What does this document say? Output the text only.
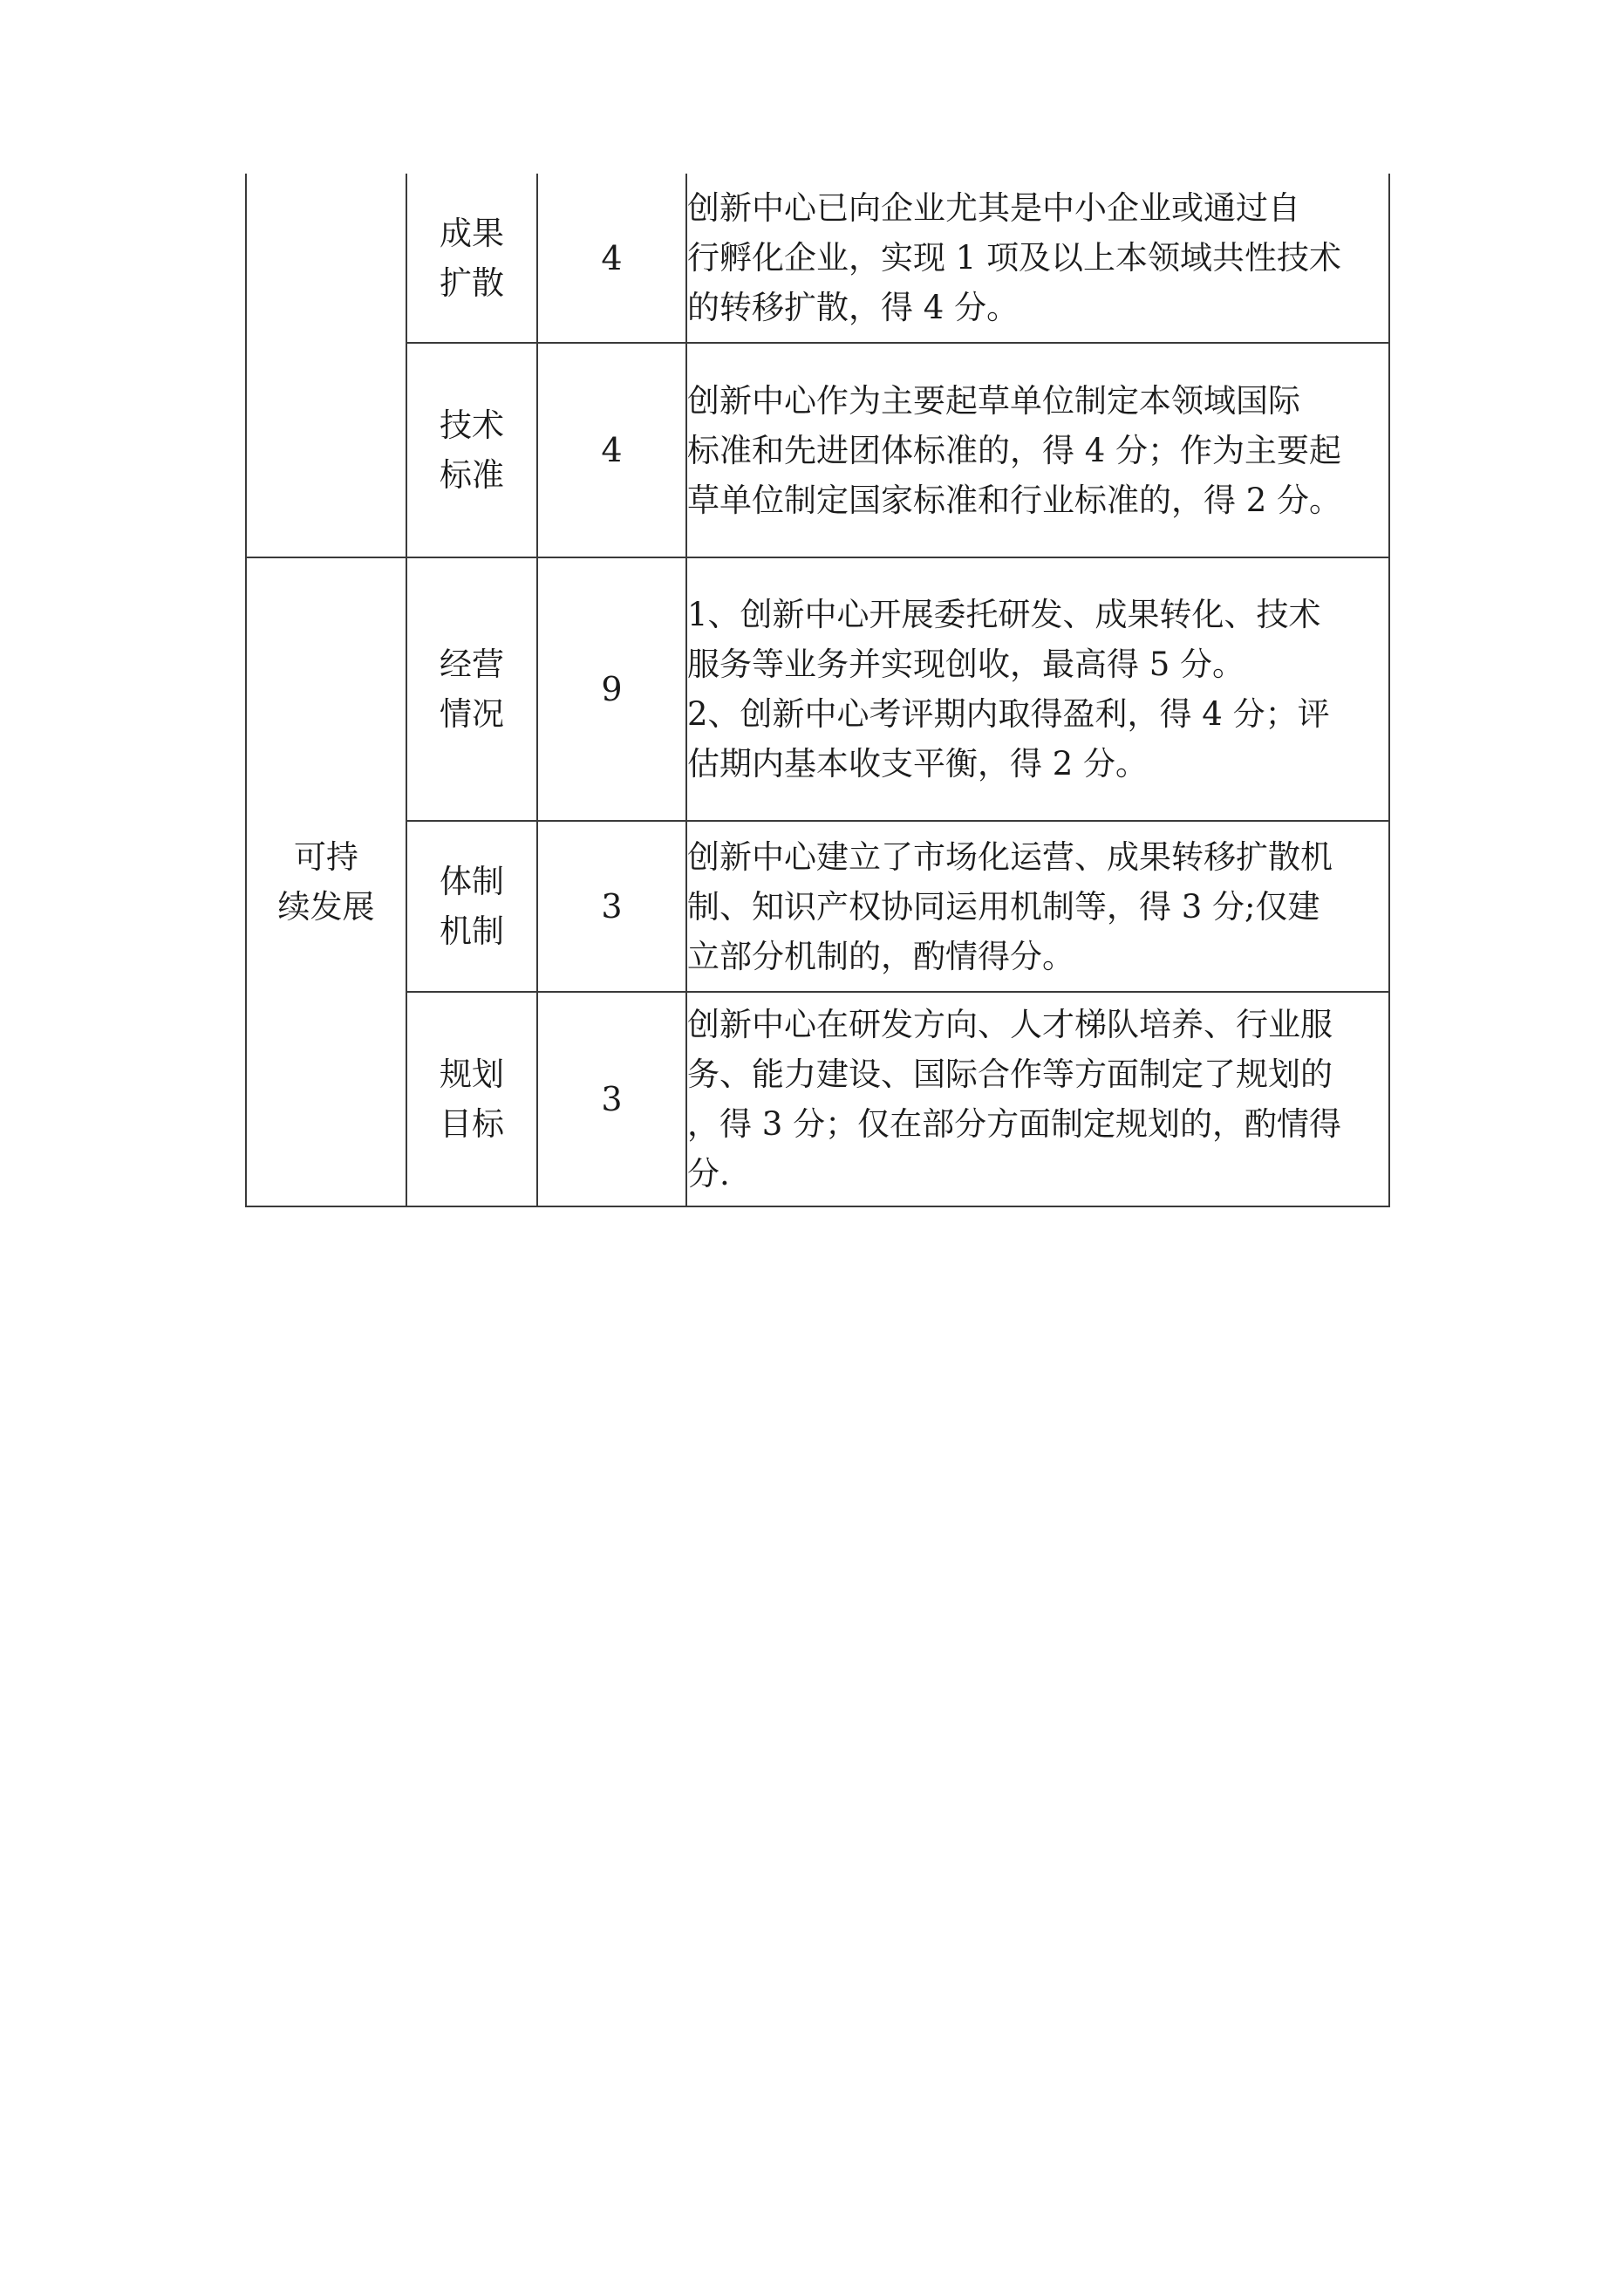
	成果
扩散	4	创新中心已向企业尤其是中小企业或通过自
行孵化企业，实现 1 项及以上本领域共性技术
的转移扩散，得 4 分。

	技术
标准	4	创新中心作为主要起草单位制定本领域国际
标准和先进团体标准的，得 4 分；作为主要起
草单位制定国家标准和行业标准的，得 2 分。

可持
续发展	经营
情况	9	1、创新中心开展委托研发、成果转化、技术
服务等业务并实现创收，最高得 5 分。
2、创新中心考评期内取得盈利，得 4 分；评
估期内基本收支平衡，得 2 分。

	体制
机制	3	创新中心建立了市场化运营、成果转移扩散机
制、知识产权协同运用机制等，得 3 分;仅建
立部分机制的，酌情得分。

	规划
目标	3	创新中心在研发方向、人才梯队培养、行业服
务、能力建设、国际合作等方面制定了规划的
，得 3 分；仅在部分方面制定规划的，酌情得
分.
